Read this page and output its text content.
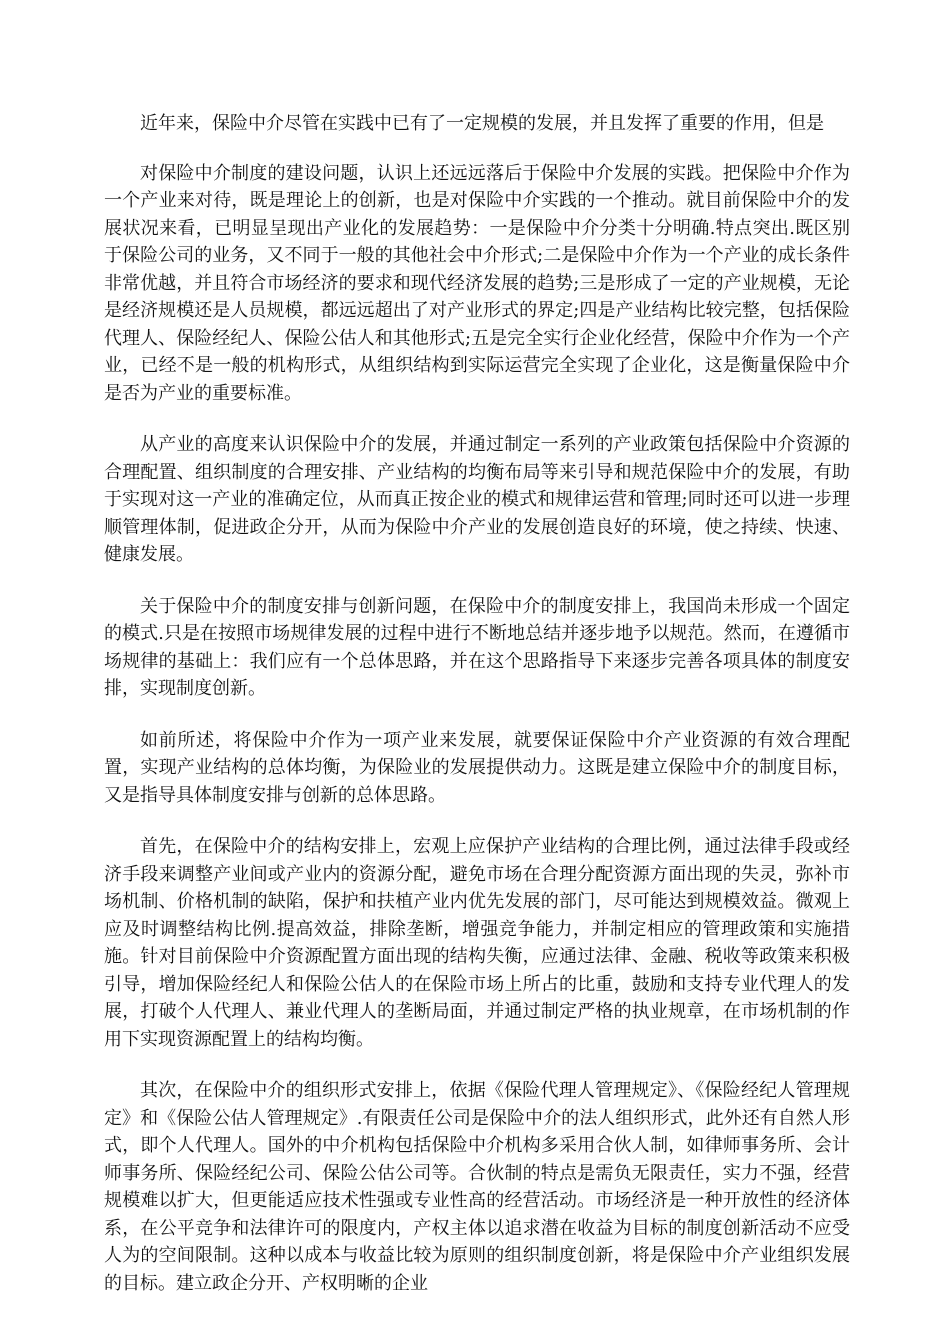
近年来，保险中介尽管在实践中已有了一定规模的发展，并且发挥了重要的作用，但是

对保险中介制度的建设问题，认识上还远远落后于保险中介发展的实践。把保险中介作为一个产业来对待，既是理论上的创新，也是对保险中介实践的一个推动。就目前保险中介的发展状况来看，已明显呈现出产业化的发展趋势：一是保险中介分类十分明确.特点突出.既区别于保险公司的业务，又不同于一般的其他社会中介形式;二是保险中介作为一个产业的成长条件非常优越，并且符合市场经济的要求和现代经济发展的趋势;三是形成了一定的产业规模，无论是经济规模还是人员规模，都远远超出了对产业形式的界定;四是产业结构比较完整，包括保险代理人、保险经纪人、保险公估人和其他形式;五是完全实行企业化经营，保险中介作为一个产业，已经不是一般的机构形式，从组织结构到实际运营完全实现了企业化，这是衡量保险中介是否为产业的重要标准。

从产业的高度来认识保险中介的发展，并通过制定一系列的产业政策包括保险中介资源的合理配置、组织制度的合理安排、产业结构的均衡布局等来引导和规范保险中介的发展，有助于实现对这一产业的准确定位，从而真正按企业的模式和规律运营和管理;同时还可以进一步理顺管理体制，促进政企分开，从而为保险中介产业的发展创造良好的环境，使之持续、快速、健康发展。

关于保险中介的制度安排与创新问题，在保险中介的制度安排上，我国尚未形成一个固定的模式.只是在按照市场规律发展的过程中进行不断地总结并逐步地予以规范。然而，在遵循市场规律的基础上：我们应有一个总体思路，并在这个思路指导下来逐步完善各项具体的制度安排，实现制度创新。

如前所述，将保险中介作为一项产业来发展，就要保证保险中介产业资源的有效合理配置，实现产业结构的总体均衡，为保险业的发展提供动力。这既是建立保险中介的制度目标，又是指导具体制度安排与创新的总体思路。

首先，在保险中介的结构安排上，宏观上应保护产业结构的合理比例，通过法律手段或经济手段来调整产业间或产业内的资源分配，避免市场在合理分配资源方面出现的失灵，弥补市场机制、价格机制的缺陷，保护和扶植产业内优先发展的部门，尽可能达到规模效益。微观上应及时调整结构比例.提高效益，排除垄断，增强竞争能力，并制定相应的管理政策和实施措施。针对目前保险中介资源配置方面出现的结构失衡，应通过法律、金融、税收等政策来积极引导，增加保险经纪人和保险公估人的在保险市场上所占的比重，鼓励和支持专业代理人的发展，打破个人代理人、兼业代理人的垄断局面，并通过制定严格的执业规章，在市场机制的作用下实现资源配置上的结构均衡。

其次，在保险中介的组织形式安排上，依据《保险代理人管理规定》、《保险经纪人管理规定》和《保险公估人管理规定》.有限责任公司是保险中介的法人组织形式，此外还有自然人形式，即个人代理人。国外的中介机构包括保险中介机构多采用合伙人制，如律师事务所、会计师事务所、保险经纪公司、保险公估公司等。合伙制的特点是需负无限责任，实力不强，经营规模难以扩大，但更能适应技术性强或专业性高的经营活动。市场经济是一种开放性的经济体系，在公平竞争和法律许可的限度内，产权主体以追求潜在收益为目标的制度创新活动不应受人为的空间限制。这种以成本与收益比较为原则的组织制度创新，将是保险中介产业组织发展的目标。建立政企分开、产权明晰的企业
